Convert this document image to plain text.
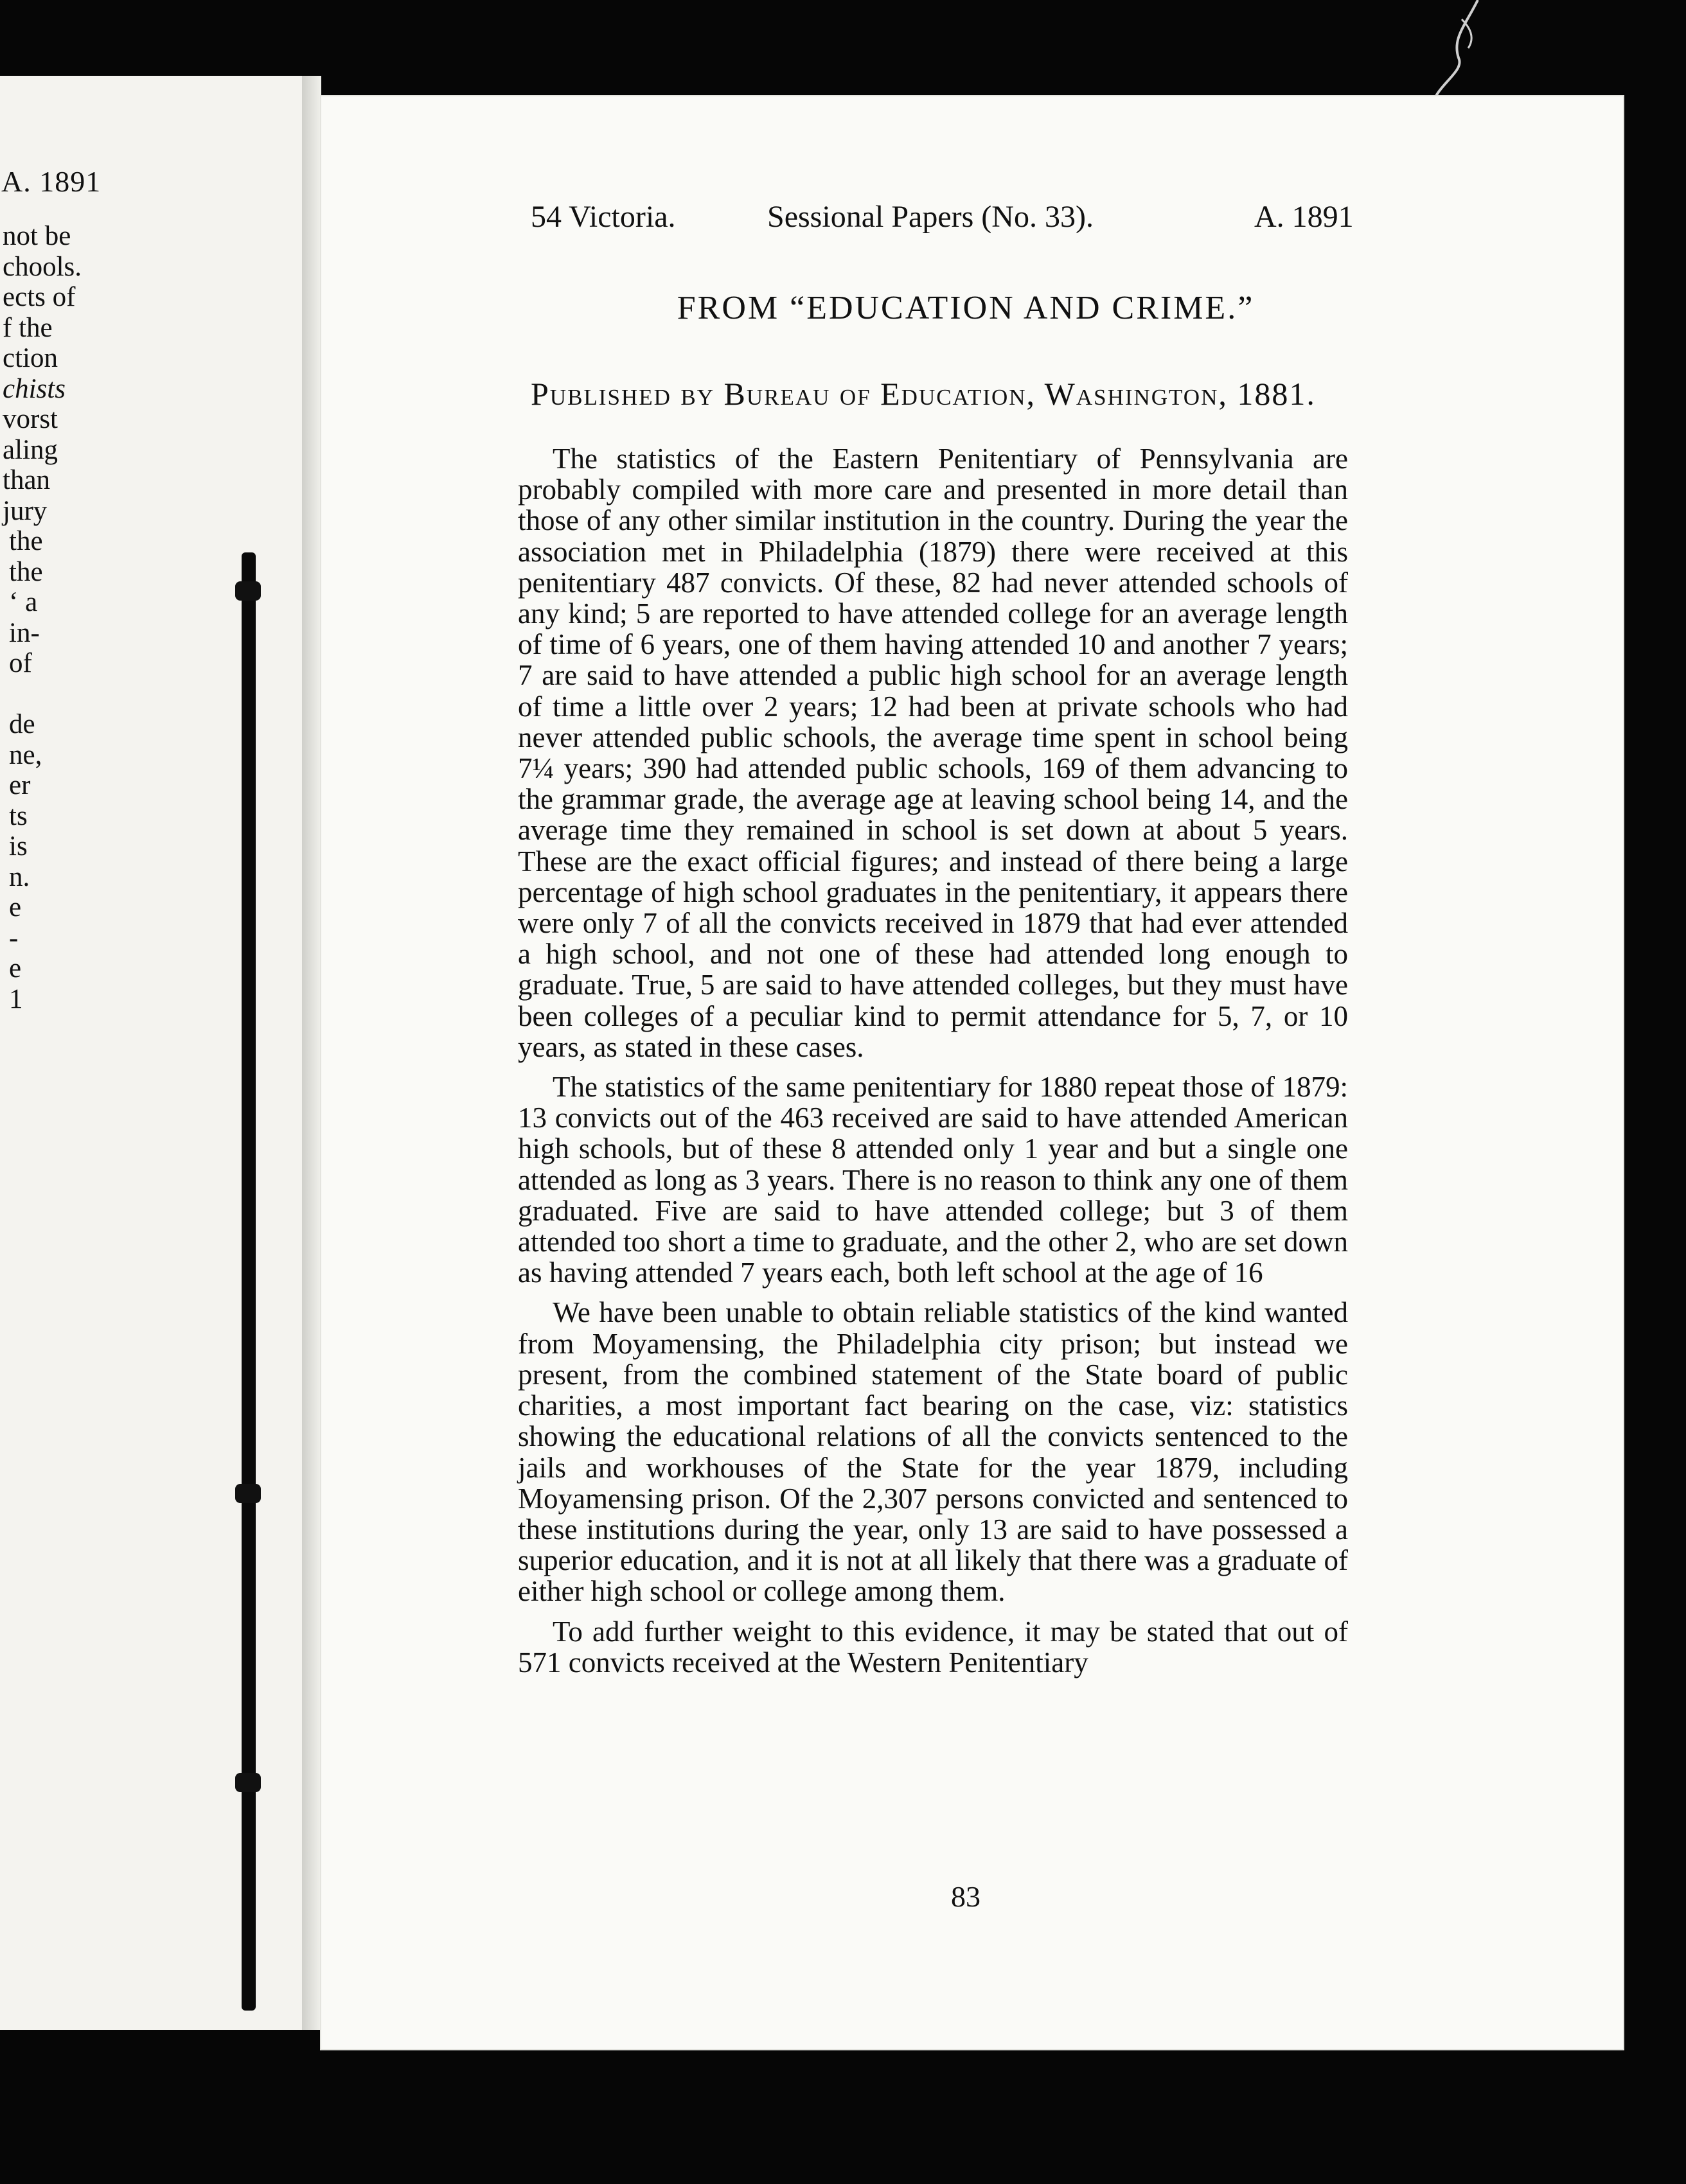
A. 1891
not be
chools.
ects of
f the
ction
chists
vorst
aling
than
jury
the
the
‘ a
in-
of
de
ne,
er
ts
is
n.
e
-
e
1
54 Victoria.	Sessional Papers (No. 33).	A. 1891
FROM “EDUCATION AND CRIME.”
Published by Bureau of Education, Washington, 1881.

The statistics of the Eastern Penitentiary of Pennsylvania are probably compiled with more care and presented in more detail than those of any other similar institution in the country. During the year the association met in Philadelphia (1879) there were received at this penitentiary 487 convicts. Of these, 82 had never attended schools of any kind; 5 are reported to have attended college for an average length of time of 6 years, one of them having attended 10 and another 7 years; 7 are said to have attended a public high school for an average length of time a little over 2 years; 12 had been at private schools who had never attended public schools, the average time spent in school being 7¼ years; 390 had attended public schools, 169 of them advancing to the grammar grade, the average age at leaving school being 14, and the average time they remained in school is set down at about 5 years. These are the exact official figures; and instead of there being a large percentage of high school graduates in the penitentiary, it appears there were only 7 of all the convicts received in 1879 that had ever attended a high school, and not one of these had attended long enough to graduate. True, 5 are said to have attended colleges, but they must have been colleges of a peculiar kind to permit attendance for 5, 7, or 10 years, as stated in these cases.

The statistics of the same penitentiary for 1880 repeat those of 1879: 13 convicts out of the 463 received are said to have attended American high schools, but of these 8 attended only 1 year and but a single one attended as long as 3 years. There is no reason to think any one of them graduated. Five are said to have attended college; but 3 of them attended too short a time to graduate, and the other 2, who are set down as having attended 7 years each, both left school at the age of 16

We have been unable to obtain reliable statistics of the kind wanted from Moyamensing, the Philadelphia city prison; but instead we present, from the combined statement of the State board of public charities, a most important fact bearing on the case, viz: statistics showing the educational relations of all the convicts sentenced to the jails and workhouses of the State for the year 1879, including Moyamensing prison. Of the 2,307 persons convicted and sentenced to these institutions during the year, only 13 are said to have possessed a superior education, and it is not at all likely that there was a graduate of either high school or college among them.

To add further weight to this evidence, it may be stated that out of 571 convicts received at the Western Penitentiary

83
